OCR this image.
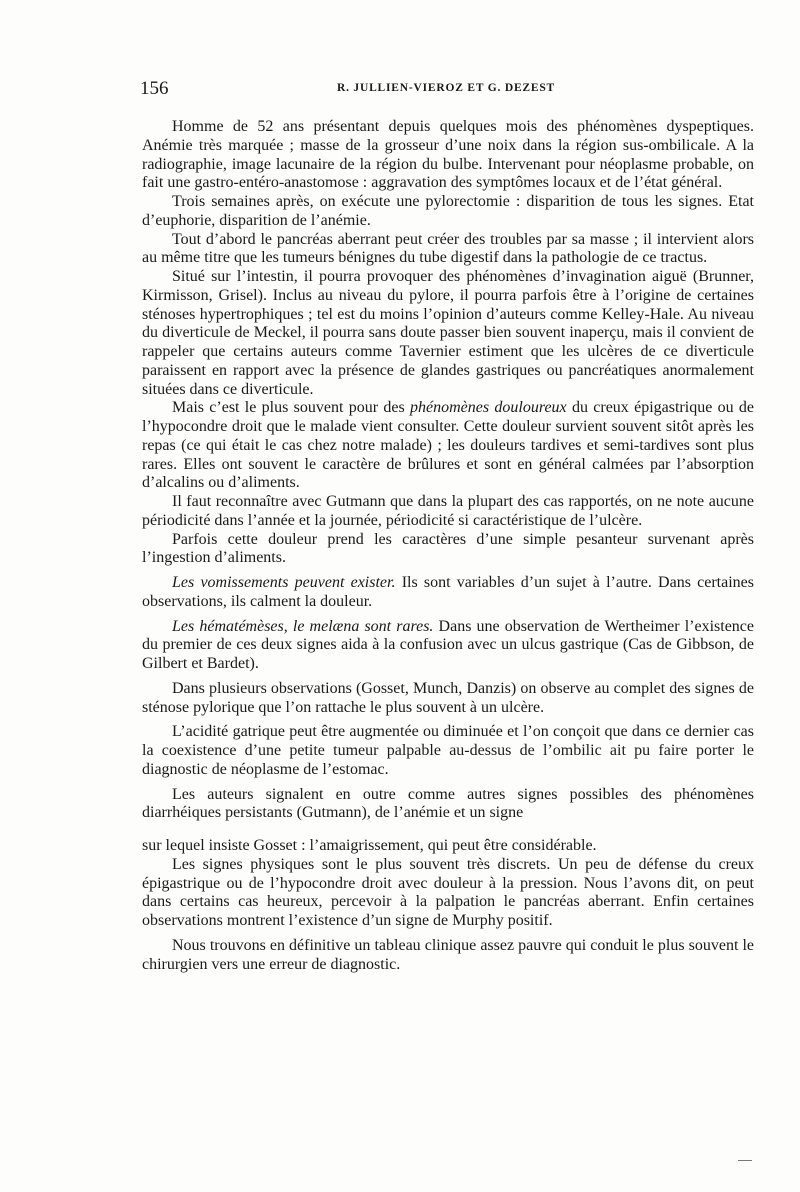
156	R. JULLIEN-VIEROZ ET G. DEZEST

Homme de 52 ans présentant depuis quelques mois des phénomènes dyspeptiques. Anémie très marquée ; masse de la grosseur d’une noix dans la région sus-ombilicale. A la radiographie, image lacunaire de la région du bulbe. Intervenant pour néoplasme probable, on fait une gastro-entéro-anastomose : aggravation des symptômes locaux et de l’état général.

Trois semaines après, on exécute une pylorectomie : disparition de tous les signes. Etat d’euphorie, disparition de l’anémie.

Tout d’abord le pancréas aberrant peut créer des troubles par sa masse ; il intervient alors au même titre que les tumeurs bénignes du tube digestif dans la pathologie de ce tractus.

Situé sur l’intestin, il pourra provoquer des phénomènes d’invagination aiguë (Brunner, Kirmisson, Grisel). Inclus au niveau du pylore, il pourra parfois être à l’origine de certaines sténoses hypertrophiques ; tel est du moins l’opinion d’auteurs comme Kelley-Hale. Au niveau du diverticule de Meckel, il pourra sans doute passer bien souvent inaperçu, mais il convient de rappeler que certains auteurs comme Tavernier estiment que les ulcères de ce diverticule paraissent en rapport avec la présence de glandes gastriques ou pancréatiques anormalement situées dans ce diverticule.

Mais c’est le plus souvent pour des phénomènes douloureux du creux épigastrique ou de l’hypocondre droit que le malade vient consulter. Cette douleur survient souvent sitôt après les repas (ce qui était le cas chez notre malade) ; les douleurs tardives et semi-tardives sont plus rares. Elles ont souvent le caractère de brûlures et sont en général calmées par l’absorption d’alcalins ou d’aliments.

Il faut reconnaître avec Gutmann que dans la plupart des cas rapportés, on ne note aucune périodicité dans l’année et la journée, périodicité si caractéristique de l’ulcère.

Parfois cette douleur prend les caractères d’une simple pesanteur survenant après l’ingestion d’aliments.

Les vomissements peuvent exister. Ils sont variables d’un sujet à l’autre. Dans certaines observations, ils calment la douleur.

Les hématémèses, le melæna sont rares. Dans une observation de Wertheimer l’existence du premier de ces deux signes aida à la confusion avec un ulcus gastrique (Cas de Gibbson, de Gilbert et Bardet).

Dans plusieurs observations (Gosset, Munch, Danzis) on observe au complet des signes de sténose pylorique que l’on rattache le plus souvent à un ulcère.

L’acidité gatrique peut être augmentée ou diminuée et l’on conçoit que dans ce dernier cas la coexistence d’une petite tumeur palpable au-dessus de l’ombilic ait pu faire porter le diagnostic de néoplasme de l’estomac.

Les auteurs signalent en outre comme autres signes possibles des phénomènes diarrhéiques persistants (Gutmann), de l’anémie et un signe

sur lequel insiste Gosset : l’amaigrissement, qui peut être considérable.

Les signes physiques sont le plus souvent très discrets. Un peu de défense du creux épigastrique ou de l’hypocondre droit avec douleur à la pression. Nous l’avons dit, on peut dans certains cas heureux, percevoir à la palpation le pancréas aberrant. Enfin certaines observations montrent l’existence d’un signe de Murphy positif.

Nous trouvons en définitive un tableau clinique assez pauvre qui conduit le plus souvent le chirurgien vers une erreur de diagnostic.
